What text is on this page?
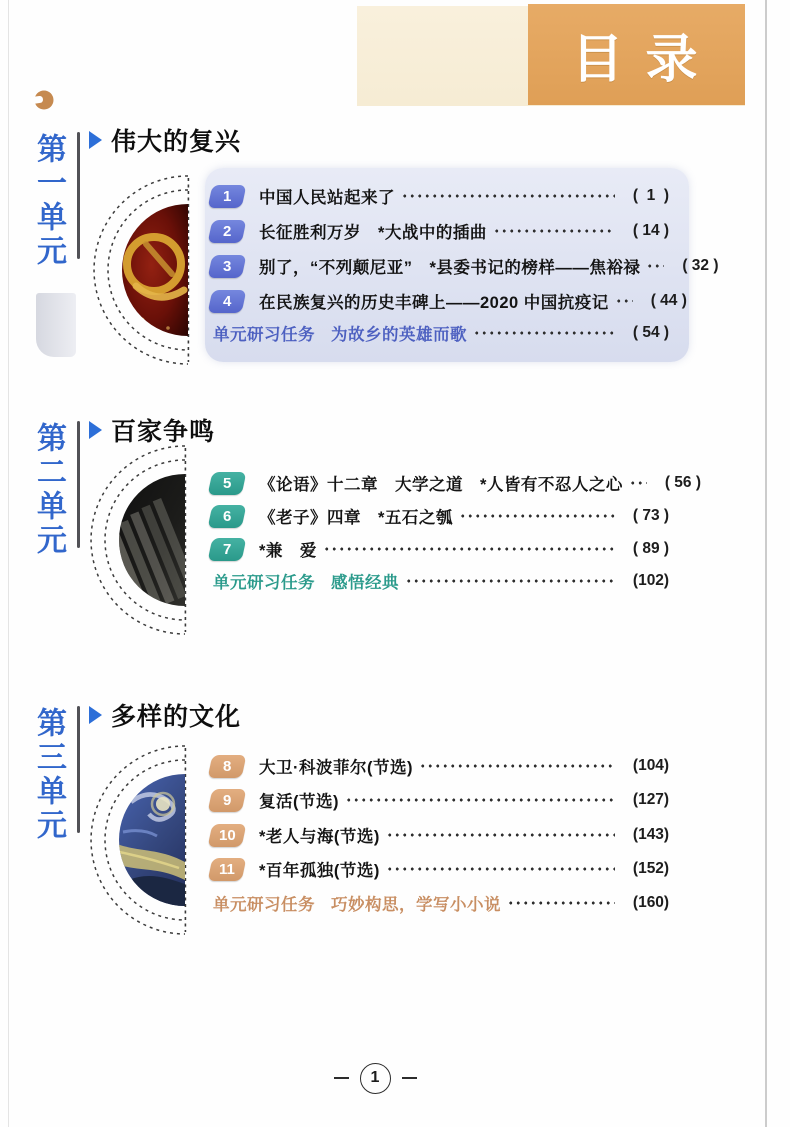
目录
第一单元 伟大的复兴
1 中国人民站起来了	(  1  )
2 长征胜利万岁　*大战中的插曲	( 14 )
3 别了，“不列颠尼亚”　*县委书记的榜样——焦裕禄	( 32 )
4 在民族复兴的历史丰碑上——2020 中国抗疫记	( 44 )
单元研习任务 为故乡的英雄而歌	( 54 )
第二单元 百家争鸣
5 《论语》十二章　大学之道　*人皆有不忍人之心	( 56 )
6 《老子》四章　*五石之瓠	( 73 )
7 *兼　爱	( 89 )
单元研习任务 感悟经典	(102)
第三单元 多样的文化
8 大卫·科波菲尔(节选)	(104)
9 复活(节选)	(127)
10 *老人与海(节选)	(143)
11 *百年孤独(节选)	(152)
单元研习任务 巧妙构思，学写小小说	(160)
1
